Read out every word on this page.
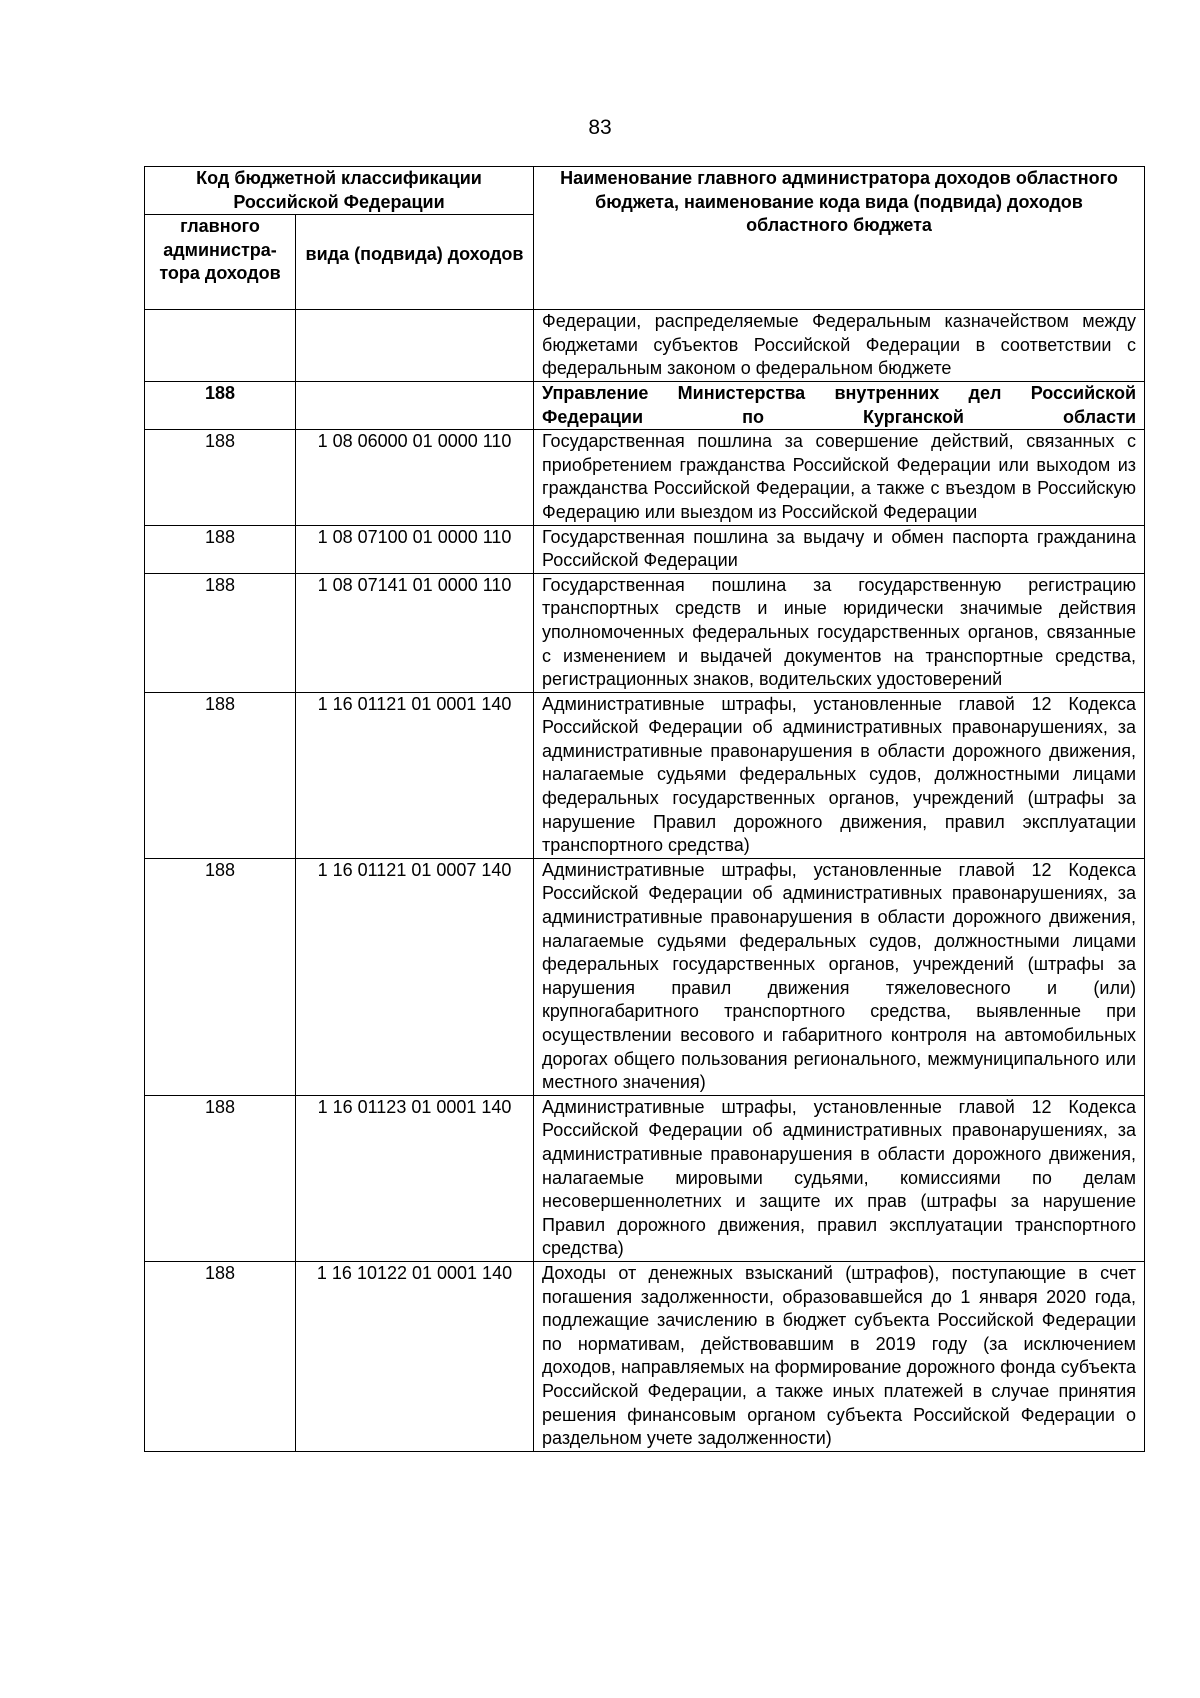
83
Код бюджетной классификации Российской Федерации		Наименование главного администратора доходов областного бюджета, наименование кода вида (подвида) доходов областного бюджета
главного администра-тора доходов	вида (подвида) доходов	
		Федерации, распределяемые Федеральным казначейством между бюджетами субъектов Российской Федерации в соответствии с федеральным законом о федеральном бюджете
188		Управление Министерства внутренних дел Российской Федерации по Курганской области
188	1 08 06000 01 0000 110	Государственная пошлина за совершение действий, связанных с приобретением гражданства Российской Федерации или выходом из гражданства Российской Федерации, а также с въездом в Российскую Федерацию или выездом из Российской Федерации
188	1 08 07100 01 0000 110	Государственная пошлина за выдачу и обмен паспорта гражданина Российской Федерации
188	1 08 07141 01 0000 110	Государственная пошлина за государственную регистрацию транспортных средств и иные юридически значимые действия уполномоченных федеральных государственных органов, связанные с изменением и выдачей документов на транспортные средства, регистрационных знаков, водительских удостоверений
188	1 16 01121 01 0001 140	Административные штрафы, установленные главой 12 Кодекса Российской Федерации об административных правонарушениях, за административные правонарушения в области дорожного движения, налагаемые судьями федеральных судов, должностными лицами федеральных государственных органов, учреждений (штрафы за нарушение Правил дорожного движения, правил эксплуатации транспортного средства)
188	1 16 01121 01 0007 140	Административные штрафы, установленные главой 12 Кодекса Российской Федерации об административных правонарушениях, за административные правонарушения в области дорожного движения, налагаемые судьями федеральных судов, должностными лицами федеральных государственных органов, учреждений (штрафы за нарушения правил движения тяжеловесного и (или) крупногабаритного транспортного средства, выявленные при осуществлении весового и габаритного контроля на автомобильных дорогах общего пользования регионального, межмуниципального или местного значения)
188	1 16 01123 01 0001 140	Административные штрафы, установленные главой 12 Кодекса Российской Федерации об административных правонарушениях, за административные правонарушения в области дорожного движения, налагаемые мировыми судьями, комиссиями по делам несовершеннолетних и защите их прав (штрафы за нарушение Правил дорожного движения, правил эксплуатации транспортного средства)
188	1 16 10122 01 0001 140	Доходы от денежных взысканий (штрафов), поступающие в счет погашения задолженности, образовавшейся до 1 января 2020 года, подлежащие зачислению в бюджет субъекта Российской Федерации по нормативам, действовавшим в 2019 году (за исключением доходов, направляемых на формирование дорожного фонда субъекта Российской Федерации, а также иных платежей в случае принятия решения финансовым органом субъекта Российской Федерации о раздельном учете задолженности)
